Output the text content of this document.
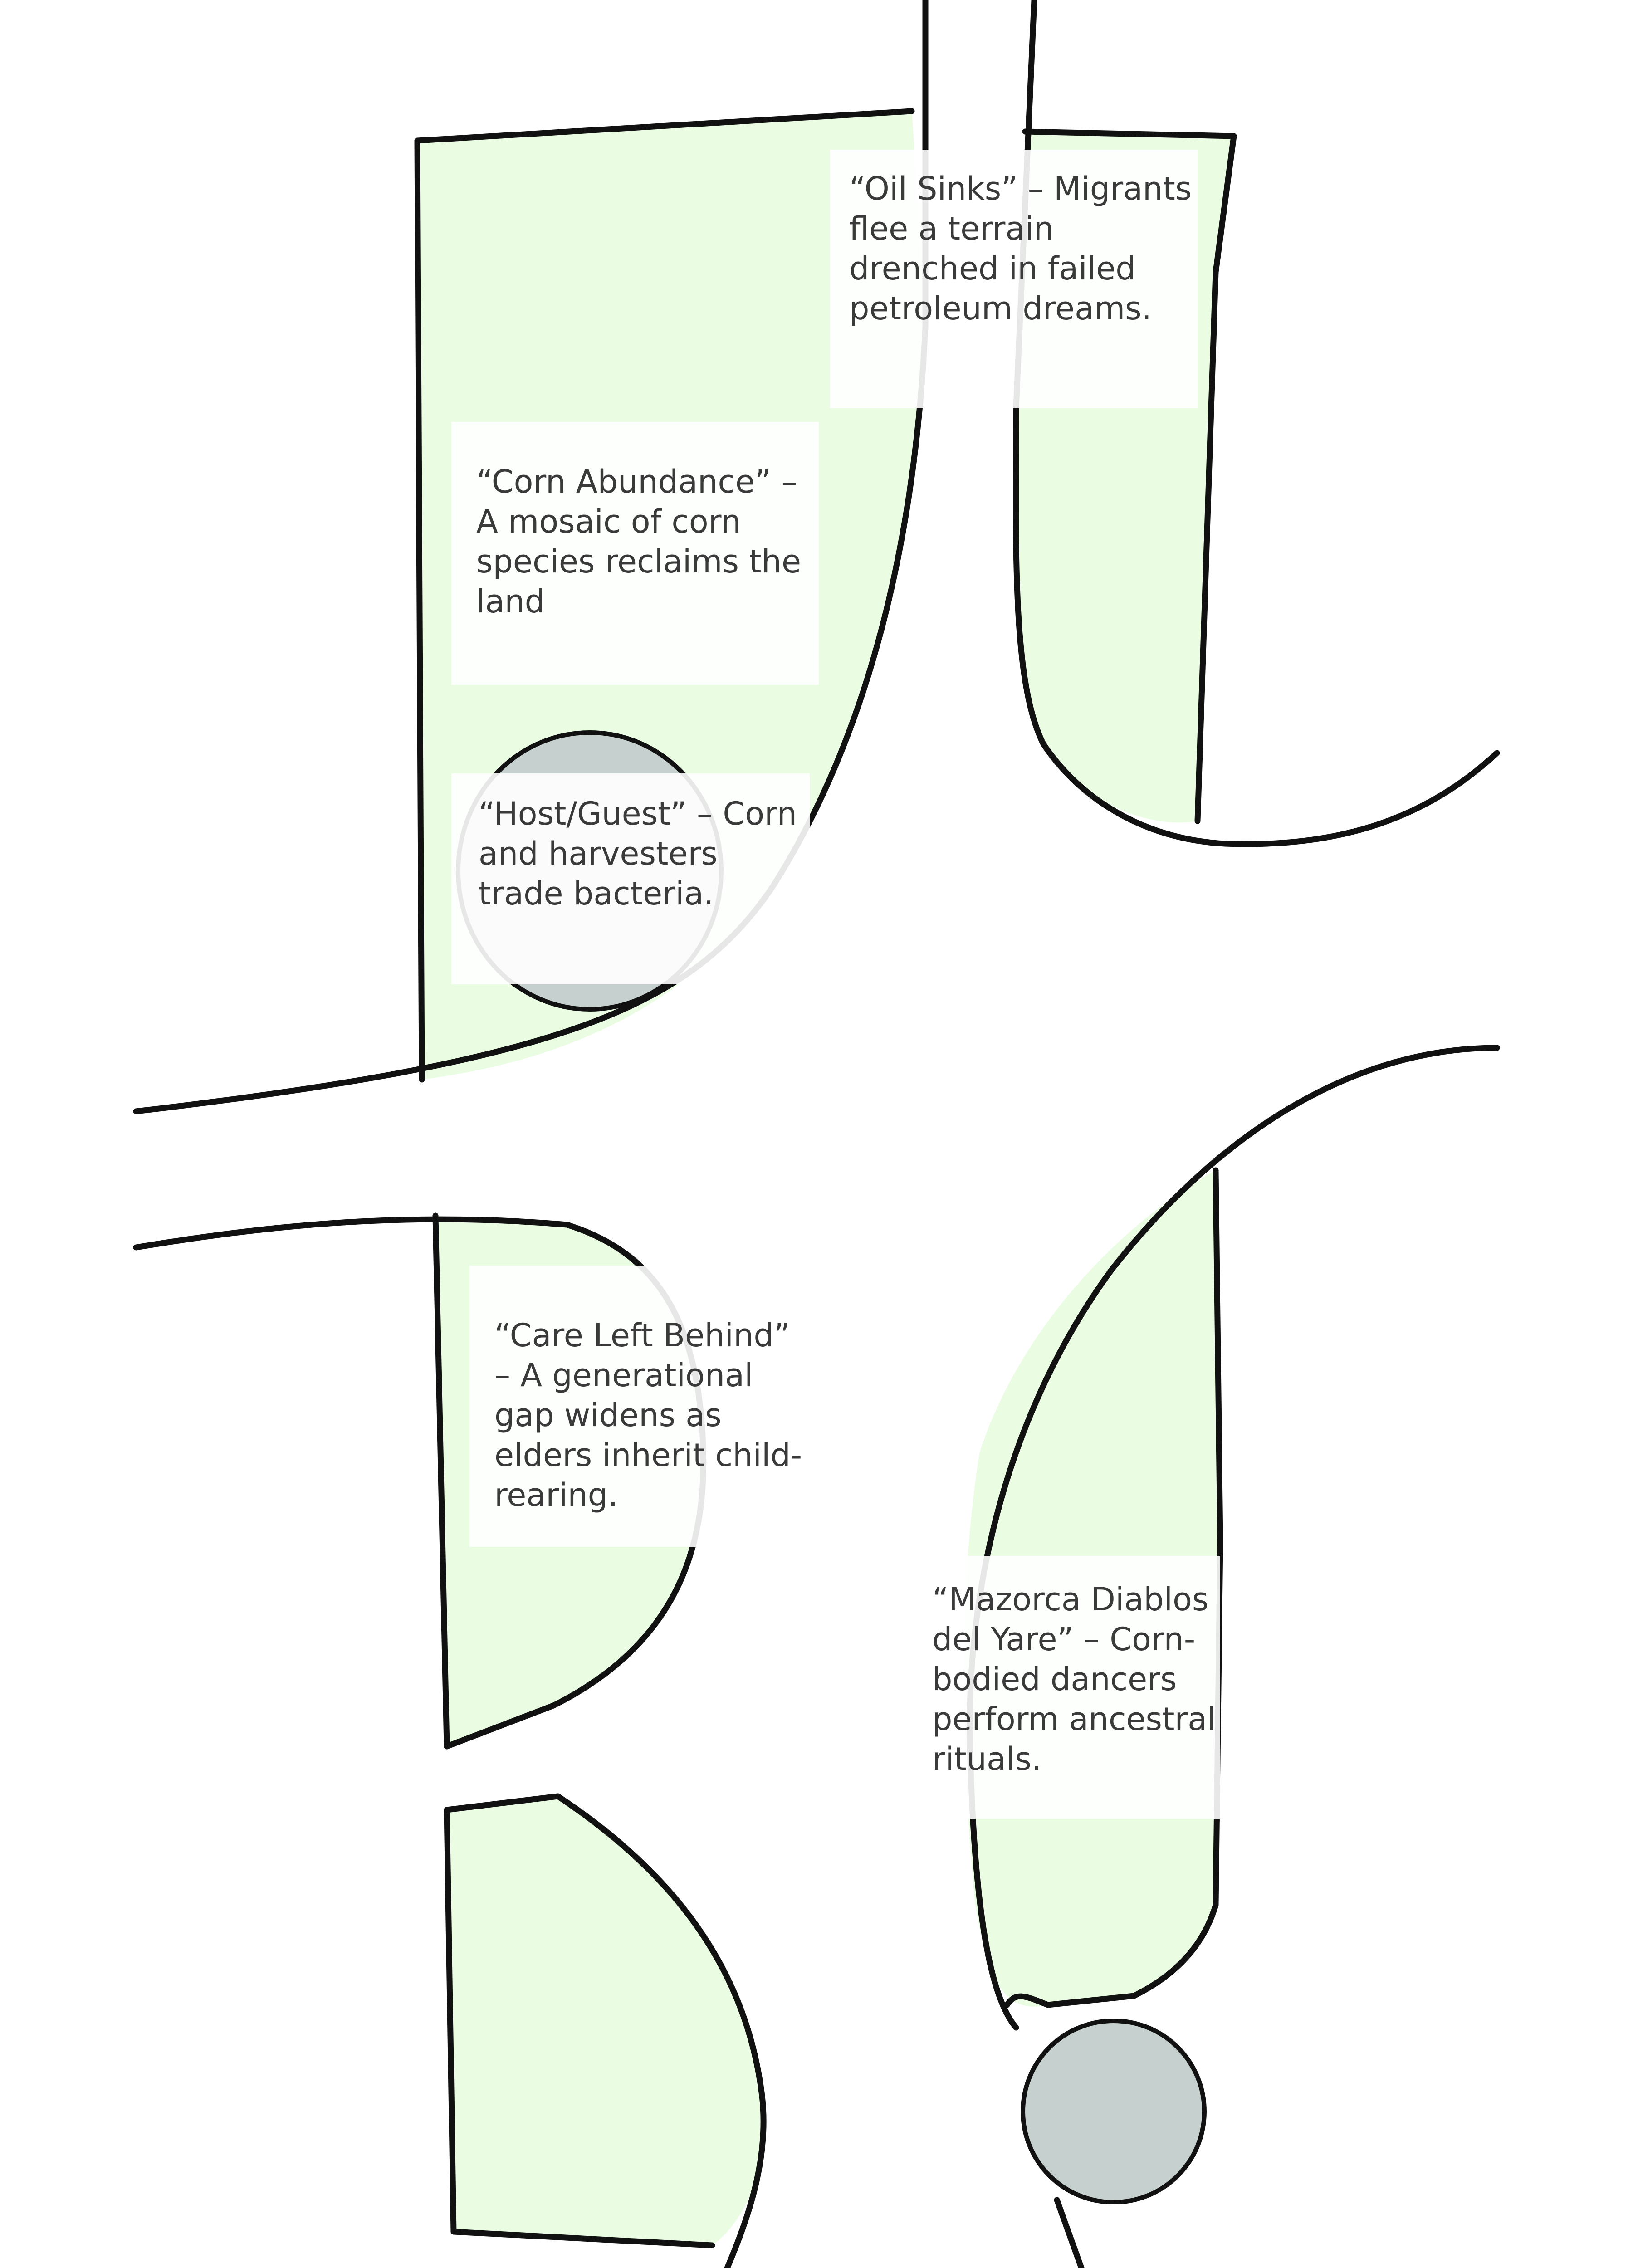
“Oil Sinks” – Migrants flee a terrain drenched in failed petroleum dreams.

“Corn Abundance” – A mosaic of corn species reclaims the land

“Host/Guest” – Corn and harvesters trade bacteria.

“Care Left Behind” – A generational gap widens as elders inherit child-rearing.

“Mazorca Diablos del Yare” – Corn-bodied dancers perform ancestral rituals.
